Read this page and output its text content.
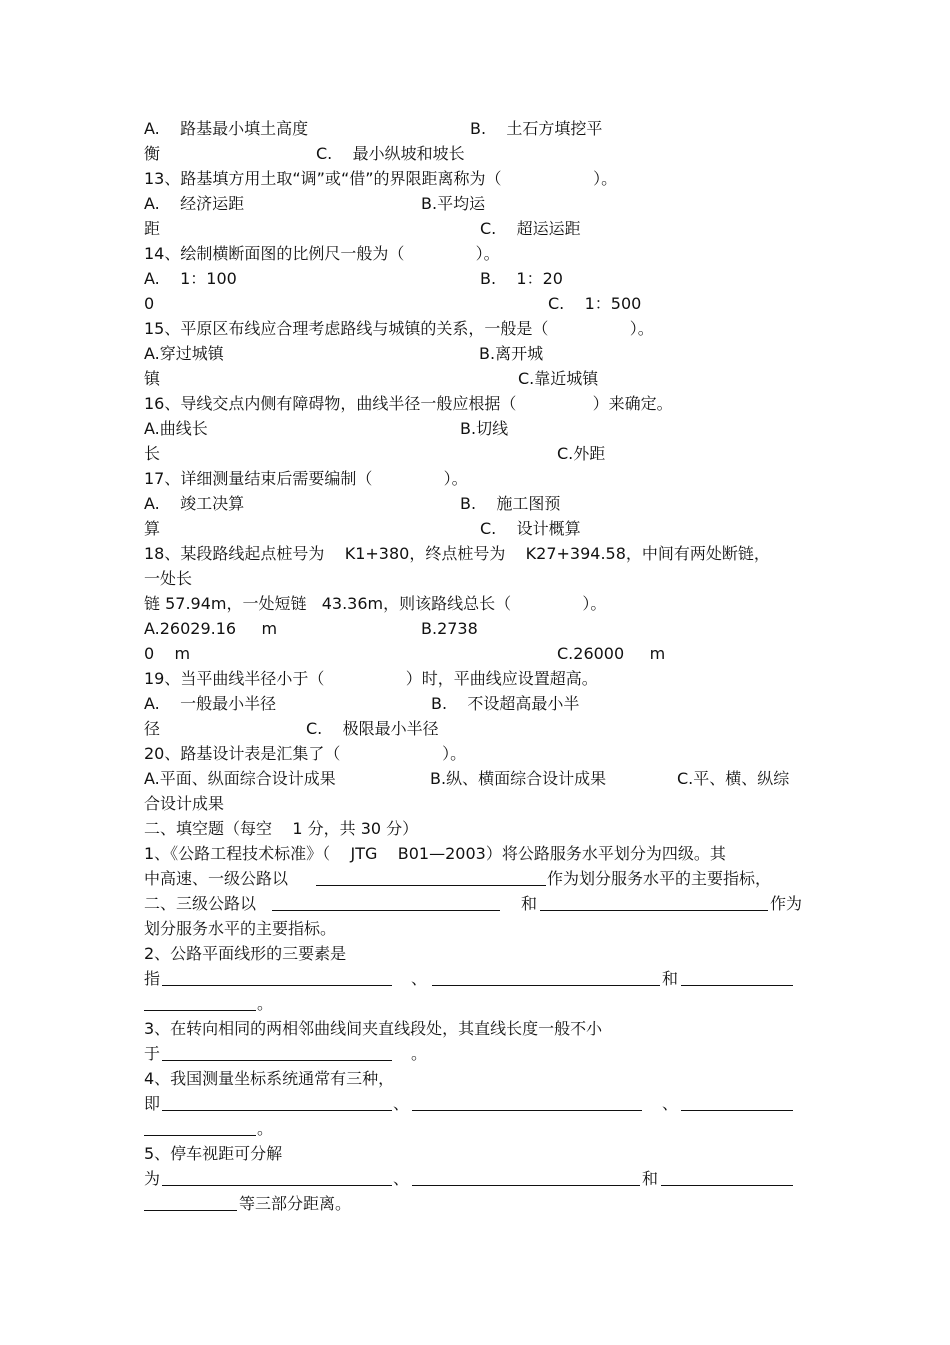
A.    路基最小填土高度	B.    土石方填挖平
衡	C.    最小纵坡和坡长
13、路基填方用土取“调”或“借”的界限距离称为（                  ）。
A.    经济运距	B.平均运
距	C.    超运运距
14、绘制横断面图的比例尺一般为（              ）。
A.    1：100	B.    1：20
0	C.    1：500
15、平原区布线应合理考虑路线与城镇的关系，一般是（                ）。
A.穿过城镇	B.离开城
镇	C.靠近城镇
16、导线交点内侧有障碍物，曲线半径一般应根据（               ）来确定。
A.曲线长	B.切线
长	C.外距
17、详细测量结束后需要编制（              ）。
A.    竣工决算	B.    施工图预
算	C.    设计概算
18、某段路线起点桩号为    K1+380，终点桩号为    K27+394.58，中间有两处断链，
一处长
链 57.94m，一处短链   43.36m，则该路线总长（              ）。
A.26029.16     m	B.2738
0    m	C.26000     m
19、当平曲线半径小于（                ）时，平曲线应设置超高。
A.    一般最小半径	B.    不设超高最小半
径	C.    极限最小半径
20、路基设计表是汇集了（                    ）。
A.平面、纵面综合设计成果	B.纵、横面综合设计成果	C.平、横、纵综
合设计成果
二、填空题（每空    1 分，共 30 分）
1、《公路工程技术标准》（    JTG    B01—2003）将公路服务水平划分为四级。其
中高速、一级公路以	作为划分服务水平的主要指标，
二、三级公路以	和	作为
划分服务水平的主要指标。
2、公路平面线形的三要素是
指	、	和
。
3、在转向相同的两相邻曲线间夹直线段处，其直线长度一般不小
于	。
4、我国测量坐标系统通常有三种，
即	、	、
。
5、停车视距可分解
为	、	和
等三部分距离。
